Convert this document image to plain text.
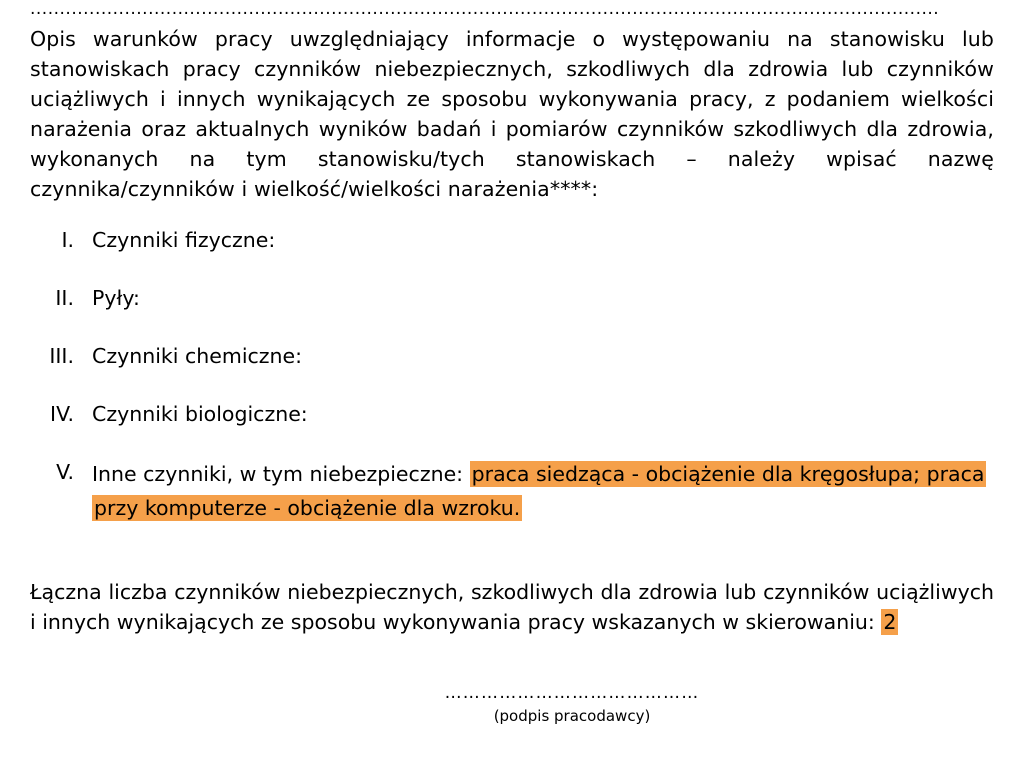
..........................................................................................................................................................

Opis warunków pracy uwzględniający informacje o występowaniu na stanowisku lub stanowiskach pracy czynników niebezpiecznych, szkodliwych dla zdrowia lub czynników uciążliwych i innych wynikających ze sposobu wykonywania pracy, z podaniem wielkości narażenia oraz aktualnych wyników badań i pomiarów czynników szkodliwych dla zdrowia, wykonanych na tym stanowisku/tych stanowiskach – należy wpisać nazwę czynnika/czynników i wielkość/wielkości narażenia****:

I. Czynniki fizyczne:
II. Pyły:
III. Czynniki chemiczne:
IV. Czynniki biologiczne:
V. Inne czynniki, w tym niebezpieczne: praca siedząca - obciążenie dla kręgosłupa; praca przy komputerze - obciążenie dla wzroku.

Łączna liczba czynników niebezpiecznych, szkodliwych dla zdrowia lub czynników uciążliwych i innych wynikających ze sposobu wykonywania pracy wskazanych w skierowaniu: 2

……………………………………
(podpis pracodawcy)
